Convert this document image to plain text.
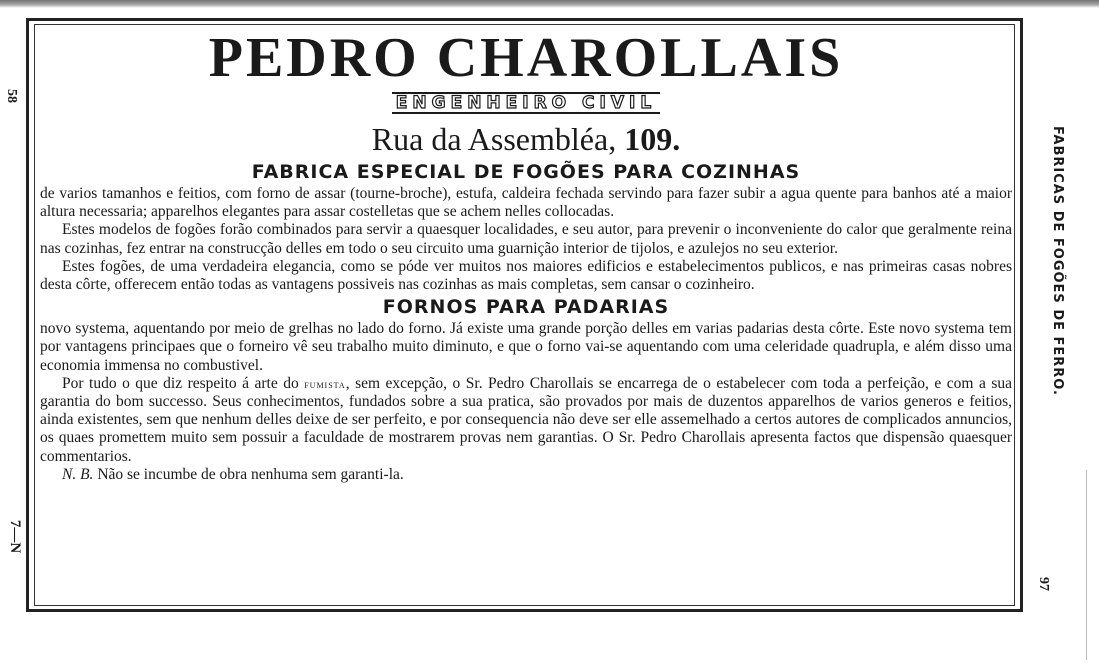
58
7—N
FABRICAS DE FOGÕES DE FERRO.
97
PEDRO CHAROLLAIS
ENGENHEIRO CIVIL
Rua da Assembléa, 109.
FABRICA ESPECIAL DE FOGÕES PARA COZINHAS

de varios tamanhos e feitios, com forno de assar (tourne-broche), estufa, caldeira fechada servindo para fazer subir a agua quente para banhos até a maior altura necessaria; apparelhos elegantes para assar costelletas que se achem nelles collocadas.

Estes modelos de fogões forão combinados para servir a quaesquer localidades, e seu autor, para prevenir o inconveniente do calor que geralmente reina nas cozinhas, fez entrar na construcção delles em todo o seu circuito uma guarnição interior de tijolos, e azulejos no seu exterior.

Estes fogões, de uma verdadeira elegancia, como se póde ver muitos nos maiores edificios e estabelecimentos publicos, e nas primeiras casas nobres desta côrte, offerecem então todas as vantagens possiveis nas cozinhas as mais completas, sem cansar o cozinheiro.

FORNOS PARA PADARIAS

novo systema, aquentando por meio de grelhas no lado do forno. Já existe uma grande porção delles em varias padarias desta côrte. Este novo systema tem por vantagens principaes que o forneiro vê seu trabalho muito diminuto, e que o forno vai-se aquentando com uma celeridade quadrupla, e além disso uma economia immensa no combustivel.

Por tudo o que diz respeito á arte do fumista, sem excepção, o Sr. Pedro Charollais se encarrega de o estabelecer com toda a perfeição, e com a sua garantia do bom successo. Seus conhecimentos, fundados sobre a sua pratica, são provados por mais de duzentos apparelhos de varios generos e feitios, ainda existentes, sem que nenhum delles deixe de ser perfeito, e por consequencia não deve ser elle assemelhado a certos autores de complicados annuncios, os quaes promettem muito sem possuir a faculdade de mostrarem provas nem garantias. O Sr. Pedro Charollais apresenta factos que dispensão quaesquer commentarios.

N. B. Não se incumbe de obra nenhuma sem garanti-la.
